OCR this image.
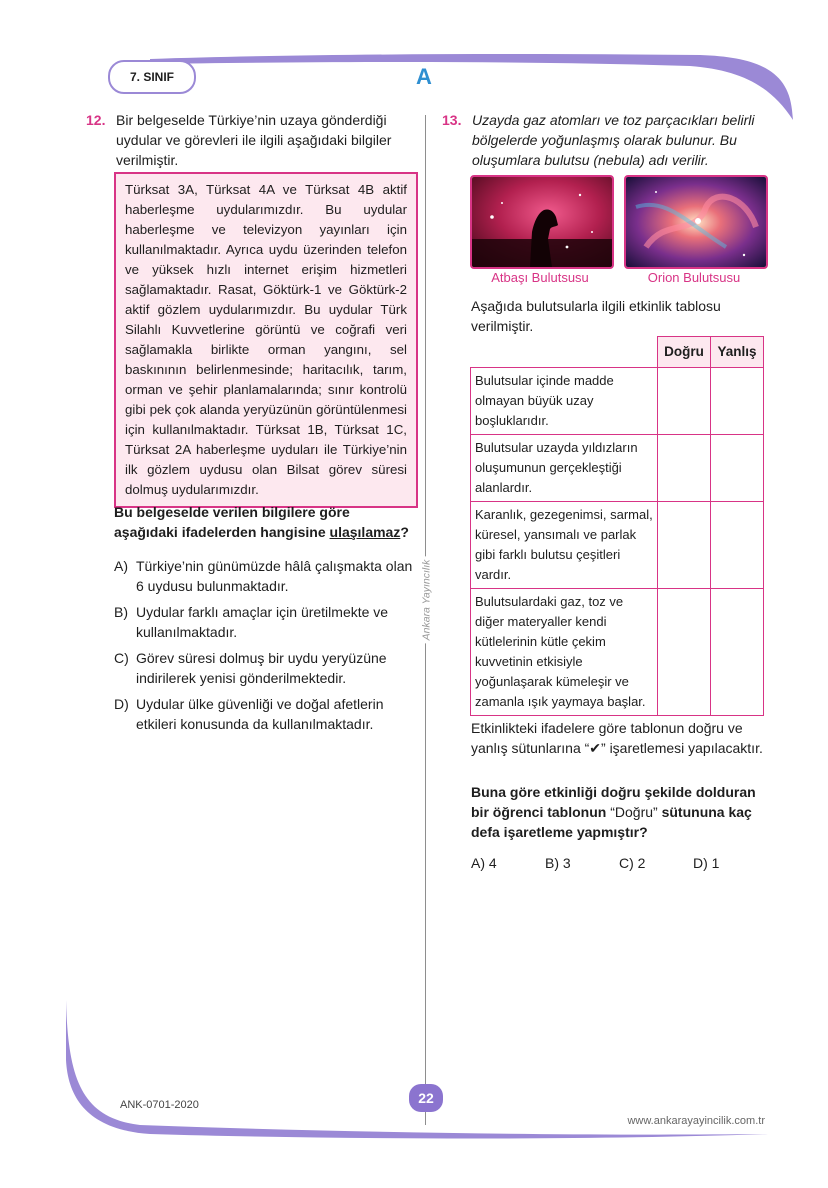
7. SINIF	A
12. Bir belgeselde Türkiye’nin uzaya gönderdiği uydular ve görevleri ile ilgili aşağıdaki bilgiler verilmiştir.
Türksat 3A, Türksat 4A ve Türksat 4B aktif haberleşme uydularımızdır. Bu uydular haberleşme ve televizyon yayınları için kullanılmaktadır. Ayrıca uydu üzerinden telefon ve yüksek hızlı internet erişim hizmetleri sağlamaktadır. Rasat, Göktürk-1 ve Göktürk-2 aktif gözlem uydularımızdır. Bu uydular Türk Silahlı Kuvvetlerine görüntü ve coğrafi veri sağlamakla birlikte orman yangını, sel baskınının belirlenmesinde; haritacılık, tarım, orman ve şehir planlamalarında; sınır kontrolü gibi pek çok alanda yeryüzünün görüntülenmesi için kullanılmaktadır. Türksat 1B, Türksat 1C, Türksat 2A haberleşme uyduları ile Türkiye’nin ilk gözlem uydusu olan Bilsat görev süresi dolmuş uydularımızdır.
Bu belgeselde verilen bilgilere göre aşağıdaki ifadelerden hangisine ulaşılamaz?
A) Türkiye’nin günümüzde hâlâ çalışmakta olan 6 uydusu bulunmaktadır.
B) Uydular farklı amaçlar için üretilmekte ve kullanılmaktadır.
C) Görev süresi dolmuş bir uydu yeryüzüne indirilerek yenisi gönderilmektedir.
D) Uydular ülke güvenliği ve doğal afetlerin etkileri konusunda da kullanılmaktadır.
Ankara Yayıncılık
13. Uzayda gaz atomları ve toz parçacıkları belirli bölgelerde yoğunlaşmış olarak bulunur. Bu oluşumlara bulutsu (nebula) adı verilir.
Atbaşı Bulutsusu	Orion Bulutsusu
Aşağıda bulutsularla ilgili etkinlik tablosu verilmiştir.
	Doğru	Yanlış
Bulutsular içinde madde olmayan büyük uzay boşluklarıdır.		
Bulutsular uzayda yıldızların oluşumunun gerçekleştiği alanlardır.		
Karanlık, gezegenimsi, sarmal, küresel, yansımalı ve parlak gibi farklı bulutsu çeşitleri vardır.		
Bulutsulardaki gaz, toz ve diğer materyaller kendi kütlelerinin kütle çekim kuvvetinin etkisiyle yoğunlaşarak kümeleşir ve zamanla ışık yaymaya başlar.		
Etkinlikteki ifadelere göre tablonun doğru ve yanlış sütunlarına “✔” işaretlemesi yapılacaktır.
Buna göre etkinliği doğru şekilde dolduran bir öğrenci tablonun “Doğru” sütununa kaç defa işaretleme yapmıştır?
A) 4	B) 3	C) 2	D) 1
ANK-0701-2020	22
www.ankarayayincilik.com.tr
